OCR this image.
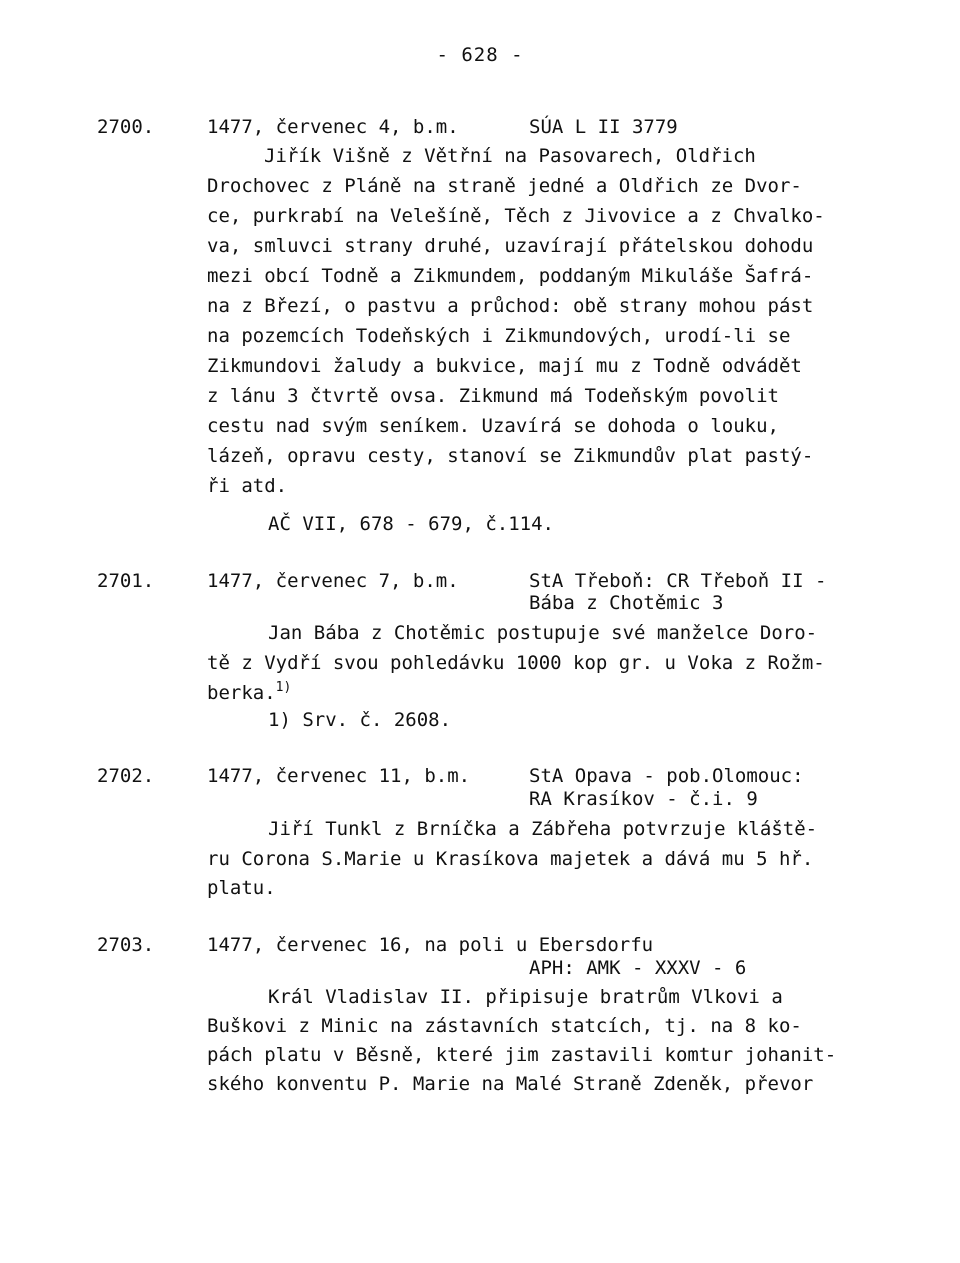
- 628 -
2700.	1477, červenec 4, b.m.	SÚA L II 3779
Jiřík Višně z Větřní na Pasovarech, Oldřich
Drochovec z Pláně na straně jedné a Oldřich ze Dvor-
ce, purkrabí na Velešíně, Těch z Jivovice a z Chvalko-
va, smluvci strany druhé, uzavírají přátelskou dohodu
mezi obcí Todně a Zikmundem, poddaným Mikuláše Šafrá-
na z Březí, o pastvu a průchod: obě strany mohou pást
na pozemcích Todeňských i Zikmundových, urodí-li se
Zikmundovi žaludy a bukvice, mají mu z Todně odvádět
z lánu 3 čtvrtě ovsa. Zikmund má Todeňským povolit
cestu nad svým seníkem. Uzavírá se dohoda o louku,
lázeň, opravu cesty, stanoví se Zikmundův plat pastý-
ři atd.
AČ VII, 678 - 679, č.114.
2701.	1477, červenec 7, b.m.	StA Třeboň: CR Třeboň II -
Bába z Chotěmic 3
Jan Bába z Chotěmic postupuje své manželce Doro-
tě z Vydří svou pohledávku 1000 kop gr. u Voka z Rožm-
berka.$^{1)}$
1) Srv. č. 2608.
2702.	1477, červenec 11, b.m.	StA Opava - pob.Olomouc:
RA Krasíkov - č.i. 9
Jiří Tunkl z Brníčka a Zábřeha potvrzuje kláště-
ru Corona S.Marie u Krasíkova majetek a dává mu 5 hř.
platu.
2703.	1477, červenec 16, na poli u Ebersdorfu
APH: AMK - XXXV - 6
Král Vladislav II. připisuje bratrům Vlkovi a
Buškovi z Minic na zástavních statcích, tj. na 8 ko-
pách platu v Běsně, které jim zastavili komtur johanit-
ského konventu P. Marie na Malé Straně Zdeněk, převor
